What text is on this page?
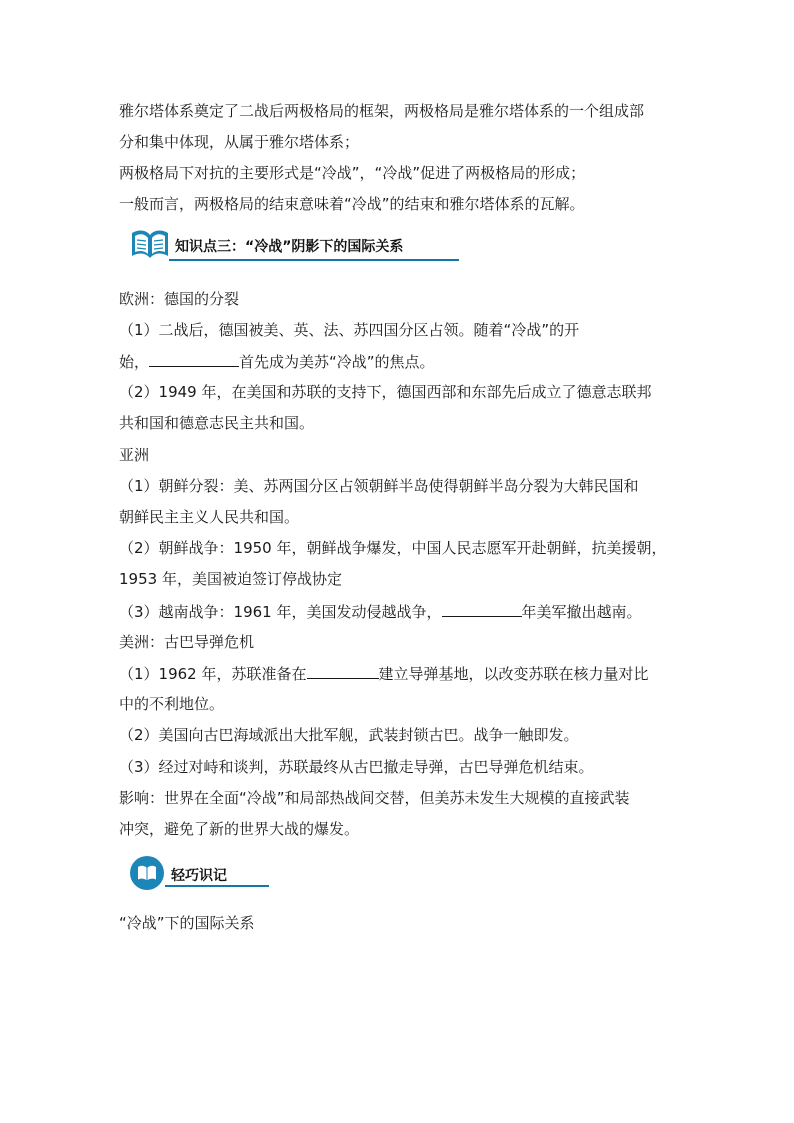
雅尔塔体系奠定了二战后两极格局的框架，两极格局是雅尔塔体系的一个组成部
分和集中体现，从属于雅尔塔体系；
两极格局下对抗的主要形式是“冷战”，“冷战”促进了两极格局的形成；
一般而言，两极格局的结束意味着“冷战”的结束和雅尔塔体系的瓦解。
知识点三：“冷战”阴影下的国际关系
欧洲：德国的分裂
（1）二战后，德国被美、英、法、苏四国分区占领。随着“冷战”的开
始，	首先成为美苏“冷战”的焦点。
（2）1949 年，在美国和苏联的支持下，德国西部和东部先后成立了德意志联邦
共和国和德意志民主共和国。
亚洲
（1）朝鲜分裂：美、苏两国分区占领朝鲜半岛使得朝鲜半岛分裂为大韩民国和
朝鲜民主主义人民共和国。
（2）朝鲜战争：1950 年，朝鲜战争爆发，中国人民志愿军开赴朝鲜，抗美援朝，
1953 年，美国被迫签订停战协定
（3）越南战争：1961 年，美国发动侵越战争，	年美军撤出越南。
美洲：古巴导弹危机
（1）1962 年，苏联准备在	建立导弹基地，以改变苏联在核力量对比
中的不利地位。
（2）美国向古巴海域派出大批军舰，武装封锁古巴。战争一触即发。
（3）经过对峙和谈判，苏联最终从古巴撤走导弹，古巴导弹危机结束。
影响：世界在全面“冷战”和局部热战间交替，但美苏未发生大规模的直接武装
冲突，避免了新的世界大战的爆发。
轻巧识记
“冷战”下的国际关系
